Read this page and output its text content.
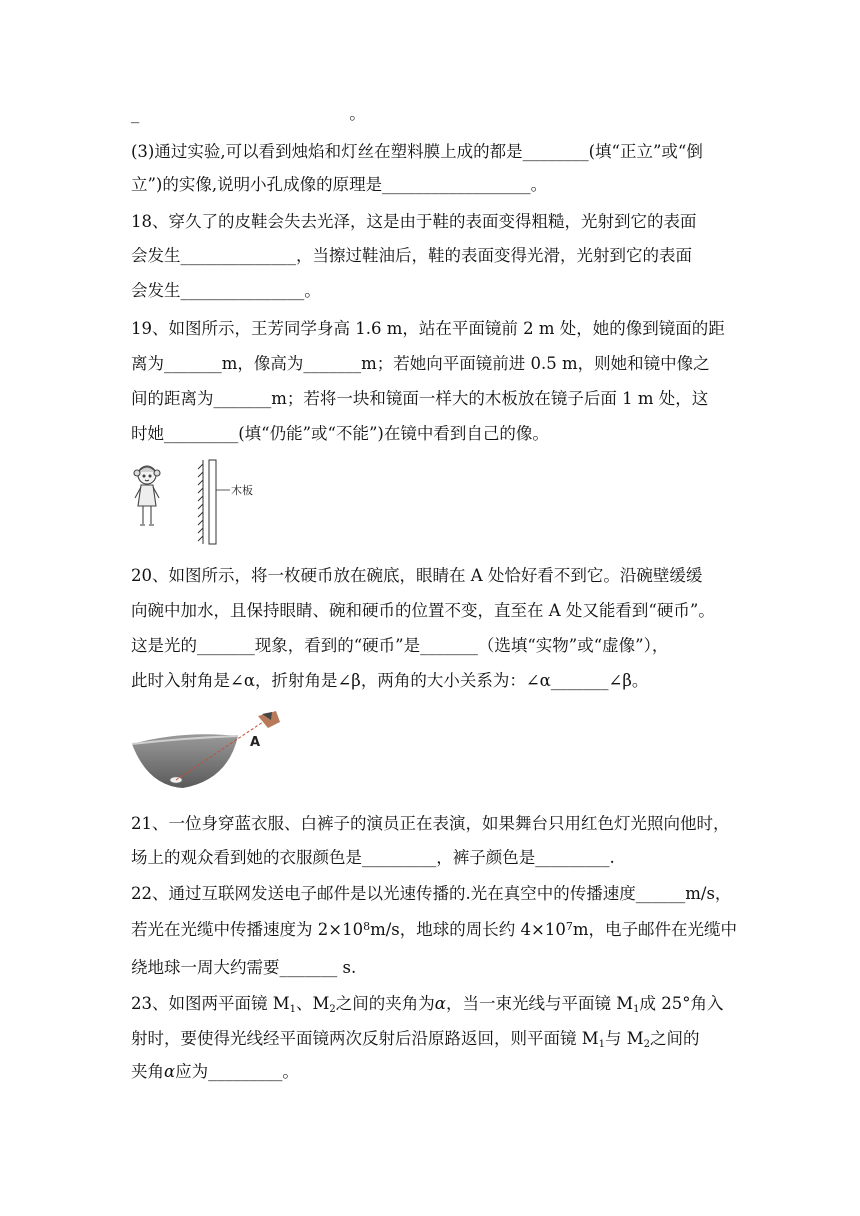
_	。
(3)通过实验,可以看到烛焰和灯丝在塑料膜上成的都是________(填“正立”或“倒
立”)的实像,说明小孔成像的原理是__________________。
18、穿久了的皮鞋会失去光泽，这是由于鞋的表面变得粗糙，光射到它的表面
会发生______________，当擦过鞋油后，鞋的表面变得光滑，光射到它的表面
会发生_______________。
19、如图所示，王芳同学身高 1.6 m，站在平面镜前 2 m 处，她的像到镜面的距
离为_______m，像高为_______m；若她向平面镜前进 0.5 m，则她和镜中像之
间的距离为_______m；若将一块和镜面一样大的木板放在镜子后面 1 m 处，这
时她_________(填“仍能”或“不能”)在镜中看到自己的像。
木板
20、如图所示，将一枚硬币放在碗底，眼睛在 A 处恰好看不到它。沿碗壁缓缓
向碗中加水，且保持眼睛、碗和硬币的位置不变，直至在 A 处又能看到“硬币”。
这是光的_______现象，看到的“硬币”是_______（选填“实物”或“虚像”），
此时入射角是∠α，折射角是∠β，两角的大小关系为：∠α_______∠β。
A
21、一位身穿蓝衣服、白裤子的演员正在表演，如果舞台只用红色灯光照向他时，
场上的观众看到她的衣服颜色是_________，裤子颜色是_________.
22、通过互联网发送电子邮件是以光速传播的.光在真空中的传播速度______m/s，
若光在光缆中传播速度为 $2\times 10^8m/s$，地球的周长约 $4\times 10^7m$，电子邮件在光缆中
绕地球一周大约需要_______ s.
23、如图两平面镜 $M_1$、$M_2$之间的夹角为α，当一束光线与平面镜 $M_1$成 25°角入
射时，要使得光线经平面镜两次反射后沿原路返回，则平面镜 $M_1$与 $M_2$之间的
夹角α应为_________。
